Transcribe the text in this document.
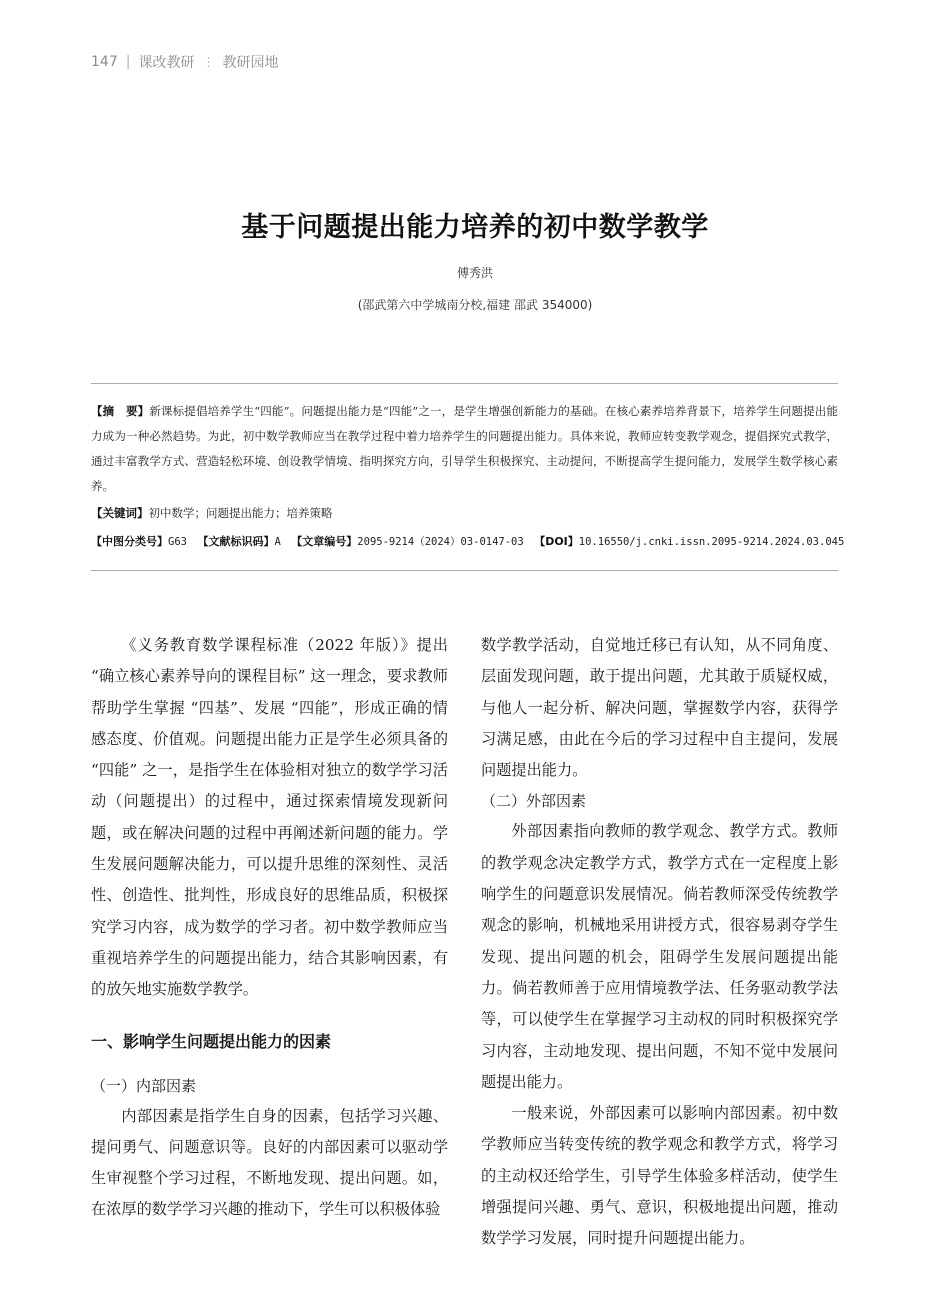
147 | 课改教研 ⋮ 教研园地
基于问题提出能力培养的初中数学教学
傅秀洪
(邵武第六中学城南分校,福建 邵武 354000)
【摘　要】新课标提倡培养学生“四能”。问题提出能力是“四能”之一，是学生增强创新能力的基础。在核心素养培养背景下，培养学生问题提出能力成为一种必然趋势。为此，初中数学教师应当在教学过程中着力培养学生的问题提出能力。具体来说，教师应转变教学观念，提倡探究式教学，通过丰富教学方式、营造轻松环境、创设教学情境、指明探究方向，引导学生积极探究、主动提问，不断提高学生提问能力，发展学生数学核心素养。
【关键词】初中数学；问题提出能力；培养策略
【中图分类号】G63 【文献标识码】A 【文章编号】2095-9214（2024）03-0147-03 【DOI】10.16550/j.cnki.issn.2095-9214.2024.03.045

《义务教育数学课程标准（2022 年版）》提出 “确立核心素养导向的课程目标” 这一理念，要求教师帮助学生掌握 “四基”、发展 “四能”，形成正确的情感态度、价值观。问题提出能力正是学生必须具备的 “四能” 之一，是指学生在体验相对独立的数学学习活动（问题提出）的过程中，通过探索情境发现新问题，或在解决问题的过程中再阐述新问题的能力。学生发展问题解决能力，可以提升思维的深刻性、灵活性、创造性、批判性，形成良好的思维品质，积极探究学习内容，成为数学的学习者。初中数学教师应当重视培养学生的问题提出能力，结合其影响因素，有的放矢地实施数学教学。

一、影响学生问题提出能力的因素
（一）内部因素

内部因素是指学生自身的因素，包括学习兴趣、提问勇气、问题意识等。良好的内部因素可以驱动学生审视整个学习过程，不断地发现、提出问题。如，在浓厚的数学学习兴趣的推动下，学生可以积极体验

数学教学活动，自觉地迁移已有认知，从不同角度、层面发现问题，敢于提出问题，尤其敢于质疑权威，与他人一起分析、解决问题，掌握数学内容，获得学习满足感，由此在今后的学习过程中自主提问，发展问题提出能力。

（二）外部因素

外部因素指向教师的教学观念、教学方式。教师的教学观念决定教学方式，教学方式在一定程度上影响学生的问题意识发展情况。倘若教师深受传统教学观念的影响，机械地采用讲授方式，很容易剥夺学生发现、提出问题的机会，阻碍学生发展问题提出能力。倘若教师善于应用情境教学法、任务驱动教学法等，可以使学生在掌握学习主动权的同时积极探究学习内容，主动地发现、提出问题，不知不觉中发展问题提出能力。

一般来说，外部因素可以影响内部因素。初中数学教师应当转变传统的教学观念和教学方式，将学习的主动权还给学生，引导学生体验多样活动，使学生增强提问兴趣、勇气、意识，积极地提出问题，推动数学学习发展，同时提升问题提出能力。
